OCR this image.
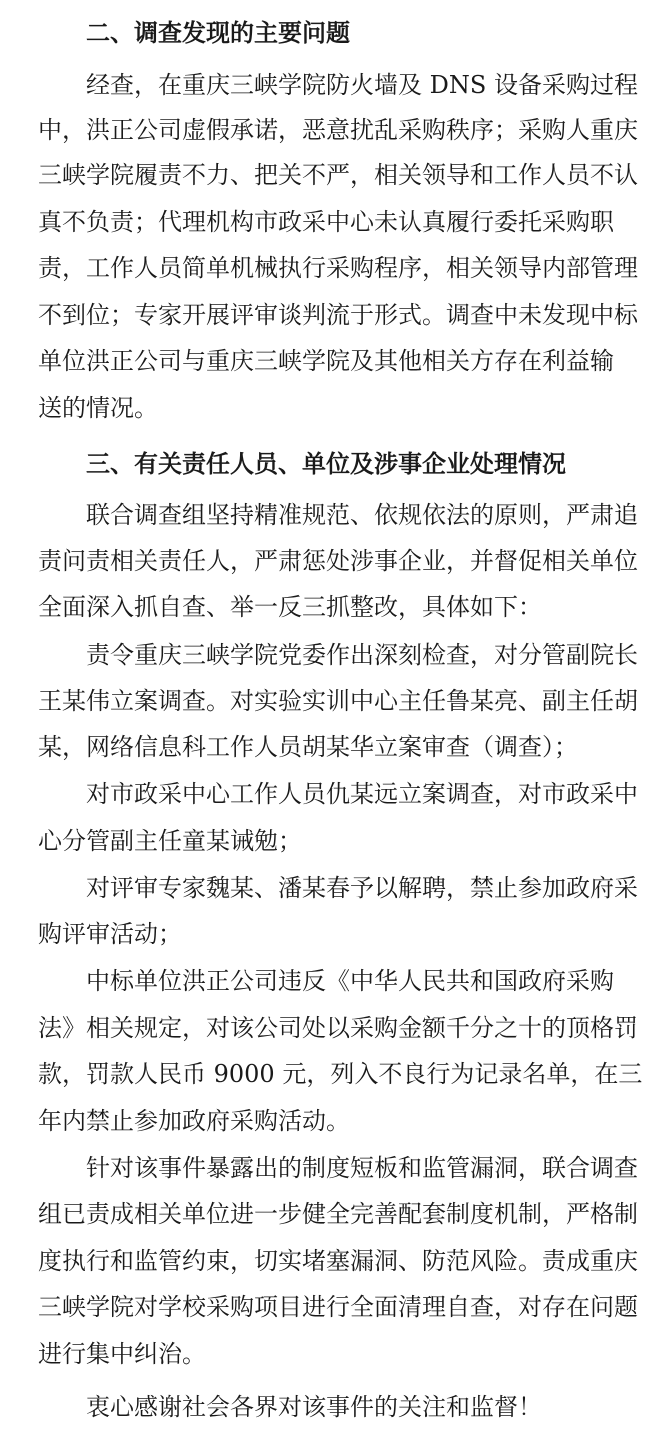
二、调查发现的主要问题
经查，在重庆三峡学院防火墙及 DNS 设备采购过程
中，洪正公司虚假承诺，恶意扰乱采购秩序；采购人重庆
三峡学院履责不力、把关不严，相关领导和工作人员不认
真不负责；代理机构市政采中心未认真履行委托采购职
责，工作人员简单机械执行采购程序，相关领导内部管理
不到位；专家开展评审谈判流于形式。调查中未发现中标
单位洪正公司与重庆三峡学院及其他相关方存在利益输
送的情况。
三、有关责任人员、单位及涉事企业处理情况
联合调查组坚持精准规范、依规依法的原则，严肃追
责问责相关责任人，严肃惩处涉事企业，并督促相关单位
全面深入抓自查、举一反三抓整改，具体如下：
责令重庆三峡学院党委作出深刻检查，对分管副院长
王某伟立案调查。对实验实训中心主任鲁某亮、副主任胡
某，网络信息科工作人员胡某华立案审查（调查）；
对市政采中心工作人员仇某远立案调查，对市政采中
心分管副主任童某诫勉；
对评审专家魏某、潘某春予以解聘，禁止参加政府采
购评审活动；
中标单位洪正公司违反《中华人民共和国政府采购
法》相关规定，对该公司处以采购金额千分之十的顶格罚
款，罚款人民币 9000 元，列入不良行为记录名单，在三
年内禁止参加政府采购活动。
针对该事件暴露出的制度短板和监管漏洞，联合调查
组已责成相关单位进一步健全完善配套制度机制，严格制
度执行和监管约束，切实堵塞漏洞、防范风险。责成重庆
三峡学院对学校采购项目进行全面清理自查，对存在问题
进行集中纠治。
衷心感谢社会各界对该事件的关注和监督！
